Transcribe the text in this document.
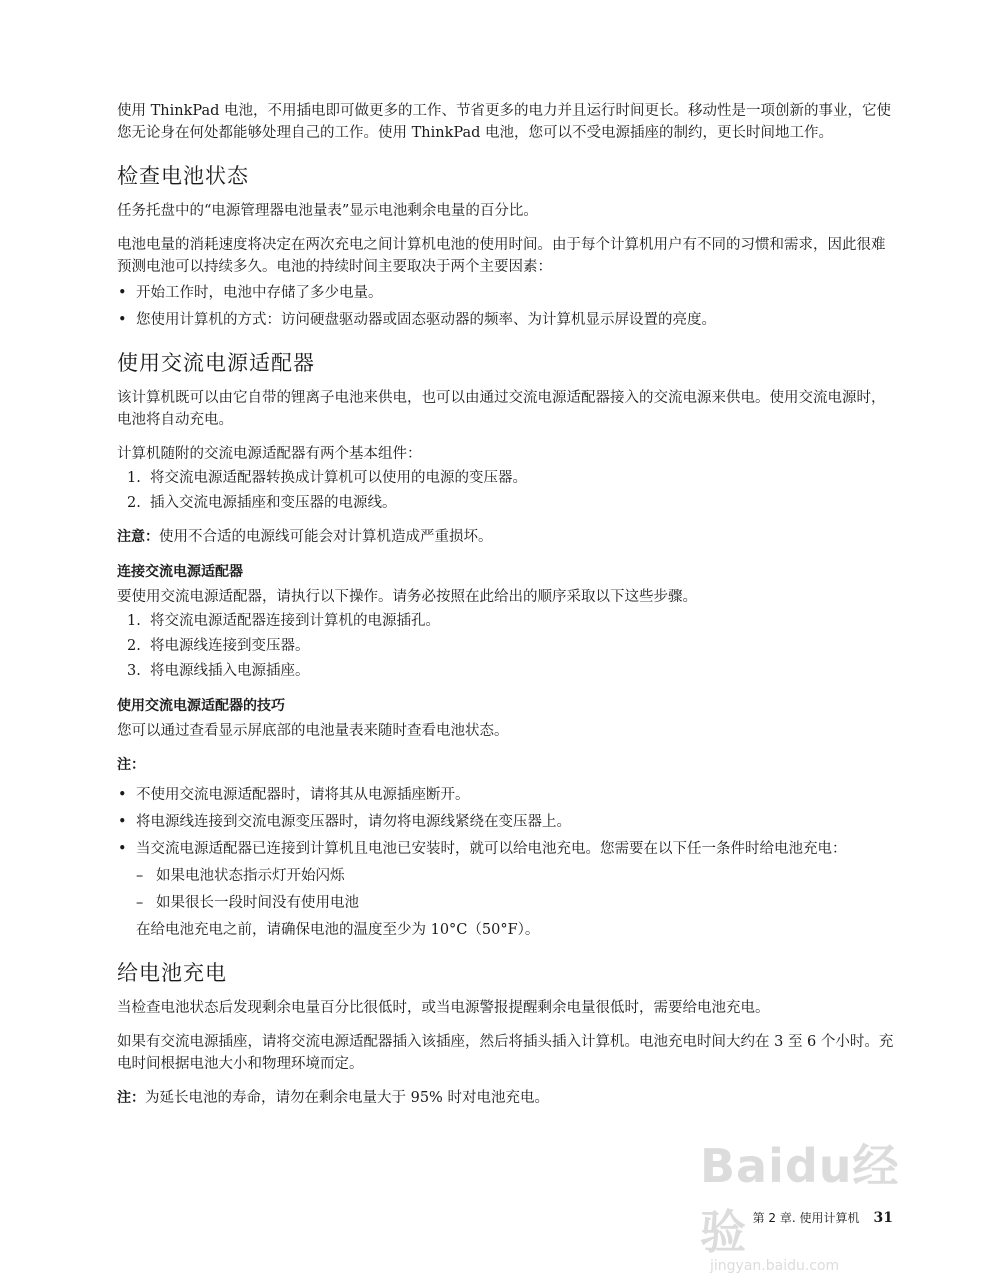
使用 ThinkPad 电池，不用插电即可做更多的工作、节省更多的电力并且运行时间更长。移动性是一项创新的事业，它使您无论身在何处都能够处理自己的工作。使用 ThinkPad 电池，您可以不受电源插座的制约，更长时间地工作。

检查电池状态

任务托盘中的“电源管理器电池量表”显示电池剩余电量的百分比。

电池电量的消耗速度将决定在两次充电之间计算机电池的使用时间。由于每个计算机用户有不同的习惯和需求，因此很难预测电池可以持续多久。电池的持续时间主要取决于两个主要因素：

• 开始工作时，电池中存储了多少电量。
• 您使用计算机的方式：访问硬盘驱动器或固态驱动器的频率、为计算机显示屏设置的亮度。
使用交流电源适配器

该计算机既可以由它自带的锂离子电池来供电，也可以由通过交流电源适配器接入的交流电源来供电。使用交流电源时，电池将自动充电。

计算机随附的交流电源适配器有两个基本组件：

1. 将交流电源适配器转换成计算机可以使用的电源的变压器。
2. 插入交流电源插座和变压器的电源线。

注意：使用不合适的电源线可能会对计算机造成严重损坏。

连接交流电源适配器

要使用交流电源适配器，请执行以下操作。请务必按照在此给出的顺序采取以下这些步骤。

1. 将交流电源适配器连接到计算机的电源插孔。
2. 将电源线连接到变压器。
3. 将电源线插入电源插座。
使用交流电源适配器的技巧

您可以通过查看显示屏底部的电池量表来随时查看电池状态。

注：

• 不使用交流电源适配器时，请将其从电源插座断开。
• 将电源线连接到交流电源变压器时，请勿将电源线紧绕在变压器上。
• 当交流电源适配器已连接到计算机且电池已安装时，就可以给电池充电。您需要在以下任一条件时给电池充电：
– 如果电池状态指示灯开始闪烁
– 如果很长一段时间没有使用电池

在给电池充电之前，请确保电池的温度至少为 10°C（50°F）。

给电池充电

当检查电池状态后发现剩余电量百分比很低时，或当电源警报提醒剩余电量很低时，需要给电池充电。

如果有交流电源插座，请将交流电源适配器插入该插座，然后将插头插入计算机。电池充电时间大约在 3 至 6 个小时。充电时间根据电池大小和物理环境而定。

注：为延长电池的寿命，请勿在剩余电量大于 95% 时对电池充电。

Baidu经验
jingyan.baidu.com
第 2 章. 使用计算机 31
